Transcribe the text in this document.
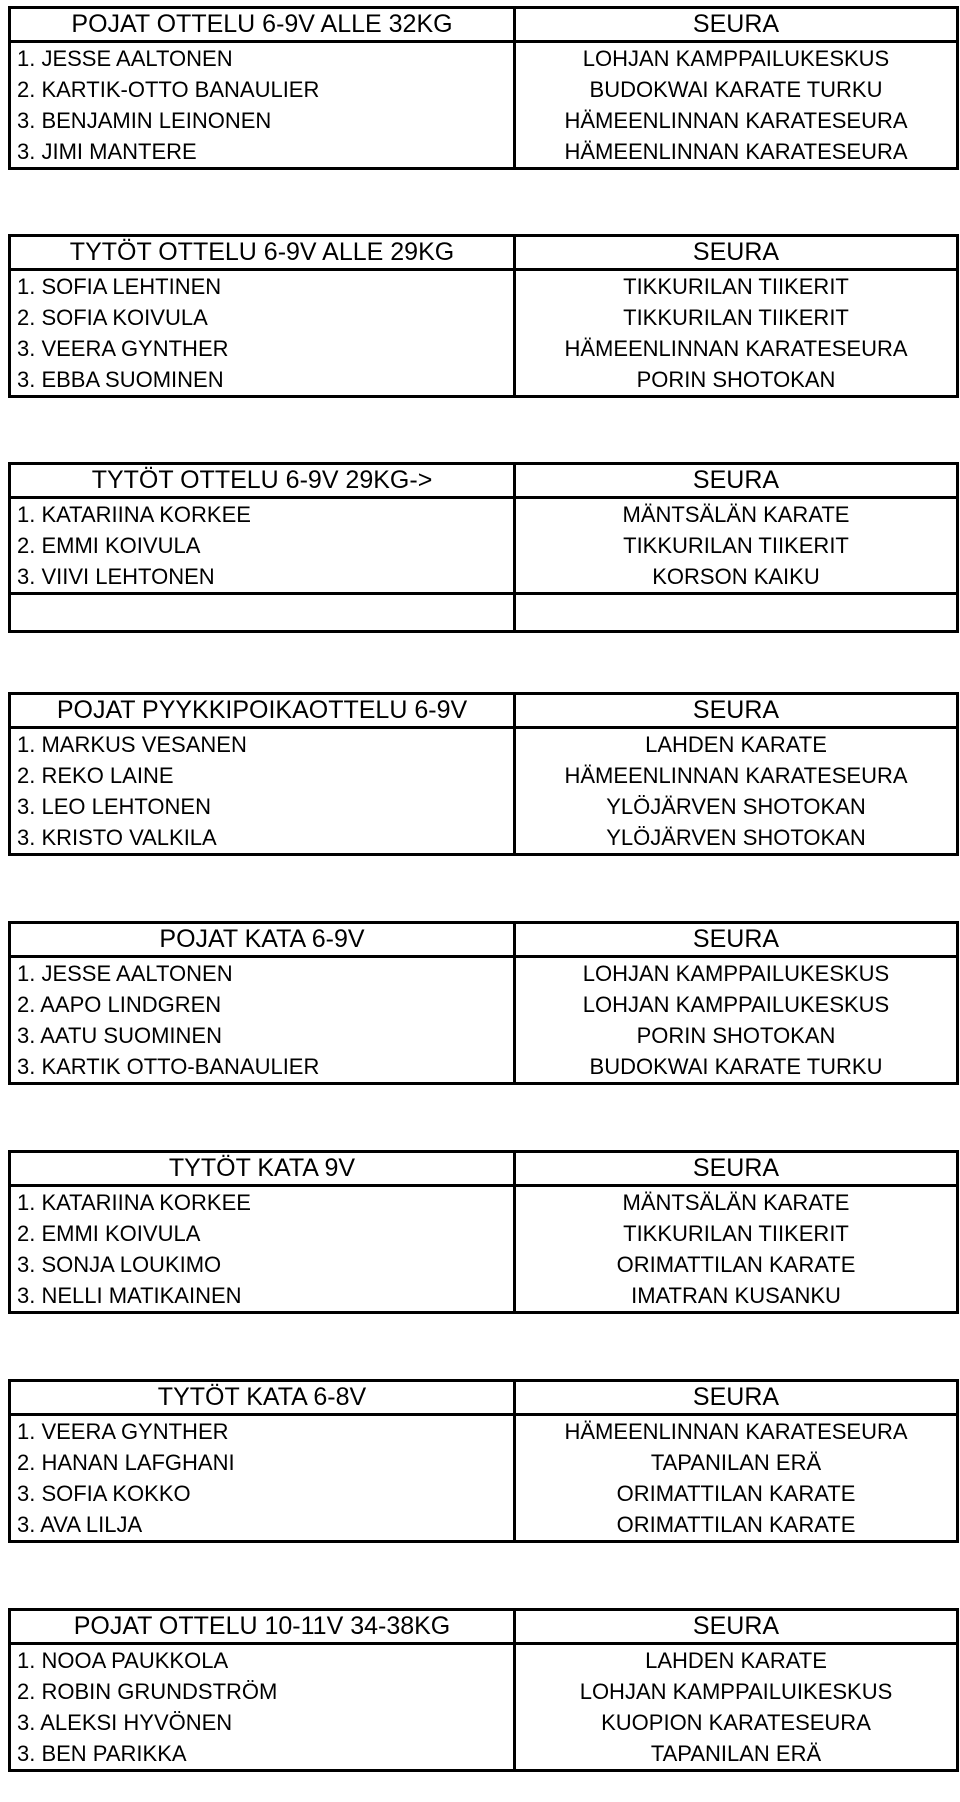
POJAT OTTELU 6-9V ALLE 32KG	SEURA
1. JESSE AALTONEN	LOHJAN KAMPPAILUKESKUS
2. KARTIK-OTTO BANAULIER	BUDOKWAI KARATE TURKU
3. BENJAMIN LEINONEN	HÄMEENLINNAN KARATESEURA
3. JIMI MANTERE	HÄMEENLINNAN KARATESEURA
TYTÖT OTTELU 6-9V ALLE 29KG	SEURA
1. SOFIA LEHTINEN	TIKKURILAN TIIKERIT
2. SOFIA KOIVULA	TIKKURILAN TIIKERIT
3. VEERA GYNTHER	HÄMEENLINNAN KARATESEURA
3. EBBA SUOMINEN	PORIN SHOTOKAN
TYTÖT OTTELU 6-9V 29KG->	SEURA
1. KATARIINA KORKEE	MÄNTSÄLÄN KARATE
2. EMMI KOIVULA	TIKKURILAN TIIKERIT
3. VIIVI LEHTONEN	KORSON KAIKU

POJAT PYYKKIPOIKAOTTELU 6-9V	SEURA
1. MARKUS VESANEN	LAHDEN KARATE
2. REKO LAINE	HÄMEENLINNAN KARATESEURA
3. LEO LEHTONEN	YLÖJÄRVEN SHOTOKAN
3. KRISTO VALKILA	YLÖJÄRVEN SHOTOKAN
POJAT KATA 6-9V	SEURA
1. JESSE AALTONEN	LOHJAN KAMPPAILUKESKUS
2. AAPO LINDGREN	LOHJAN KAMPPAILUKESKUS
3. AATU SUOMINEN	PORIN SHOTOKAN
3. KARTIK OTTO-BANAULIER	BUDOKWAI KARATE TURKU
TYTÖT KATA 9V	SEURA
1. KATARIINA KORKEE	MÄNTSÄLÄN KARATE
2. EMMI KOIVULA	TIKKURILAN TIIKERIT
3. SONJA LOUKIMO	ORIMATTILAN KARATE
3. NELLI MATIKAINEN	IMATRAN KUSANKU
TYTÖT KATA 6-8V	SEURA
1. VEERA GYNTHER	HÄMEENLINNAN KARATESEURA
2. HANAN LAFGHANI	TAPANILAN ERÄ
3. SOFIA KOKKO	ORIMATTILAN KARATE
3. AVA LILJA	ORIMATTILAN KARATE
POJAT OTTELU 10-11V 34-38KG	SEURA
1. NOOA PAUKKOLA	LAHDEN KARATE
2. ROBIN GRUNDSTRÖM	LOHJAN KAMPPAILUIKESKUS
3. ALEKSI HYVÖNEN	KUOPION KARATESEURA
3. BEN PARIKKA	TAPANILAN ERÄ
